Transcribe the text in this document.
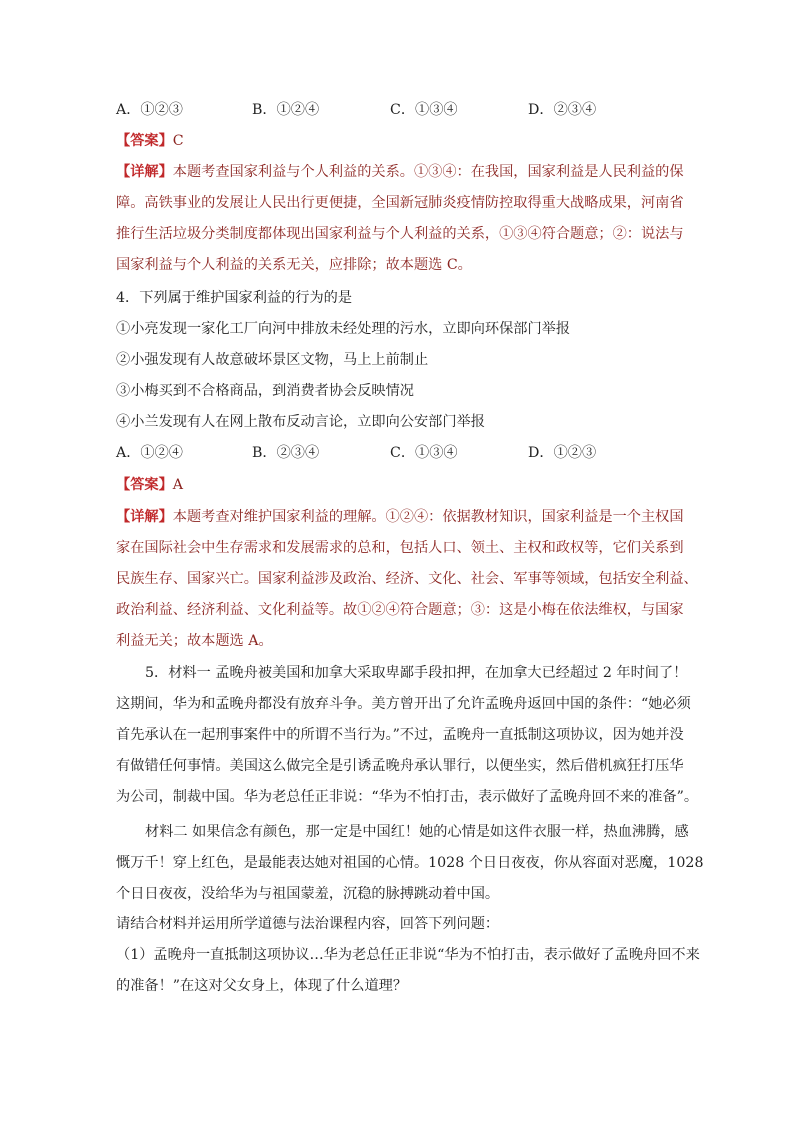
A．①②③	B．①②④	C．①③④	D．②③④
【答案】C
【详解】本题考查国家利益与个人利益的关系。①③④：在我国，国家利益是人民利益的保
障。高铁事业的发展让人民出行更便捷，全国新冠肺炎疫情防控取得重大战略成果，河南省
推行生活垃圾分类制度都体现出国家利益与个人利益的关系，①③④符合题意；②：说法与
国家利益与个人利益的关系无关，应排除；故本题选 C。
4．下列属于维护国家利益的行为的是
①小亮发现一家化工厂向河中排放未经处理的污水，立即向环保部门举报
②小强发现有人故意破坏景区文物，马上上前制止
③小梅买到不合格商品，到消费者协会反映情况
④小兰发现有人在网上散布反动言论，立即向公安部门举报
A．①②④	B．②③④	C．①③④	D．①②③
【答案】A
【详解】本题考查对维护国家利益的理解。①②④：依据教材知识，国家利益是一个主权国
家在国际社会中生存需求和发展需求的总和，包括人口、领土、主权和政权等，它们关系到
民族生存、国家兴亡。国家利益涉及政治、经济、文化、社会、军事等领域，包括安全利益、
政治利益、经济利益、文化利益等。故①②④符合题意；③：这是小梅在依法维权，与国家
利益无关；故本题选 A。
5．材料一 孟晚舟被美国和加拿大采取卑鄙手段扣押，在加拿大已经超过 2 年时间了！
这期间，华为和孟晚舟都没有放弃斗争。美方曾开出了允许孟晚舟返回中国的条件：“她必须
首先承认在一起刑事案件中的所谓不当行为。”不过，孟晚舟一直抵制这项协议，因为她并没
有做错任何事情。美国这么做完全是引诱孟晚舟承认罪行，以便坐实，然后借机疯狂打压华
为公司，制裁中国。华为老总任正非说：“华为不怕打击，表示做好了孟晚舟回不来的准备”。
材料二 如果信念有颜色，那一定是中国红！她的心情是如这件衣服一样，热血沸腾，感
慨万千！穿上红色，是最能表达她对祖国的心情。1028 个日日夜夜，你从容面对恶魔，1028
个日日夜夜，没给华为与祖国蒙羞，沉稳的脉搏跳动着中国。
请结合材料并运用所学道德与法治课程内容，回答下列问题：
（1）孟晚舟一直抵制这项协议…华为老总任正非说“华为不怕打击，表示做好了孟晚舟回不来
的准备！”在这对父女身上，体现了什么道理？
